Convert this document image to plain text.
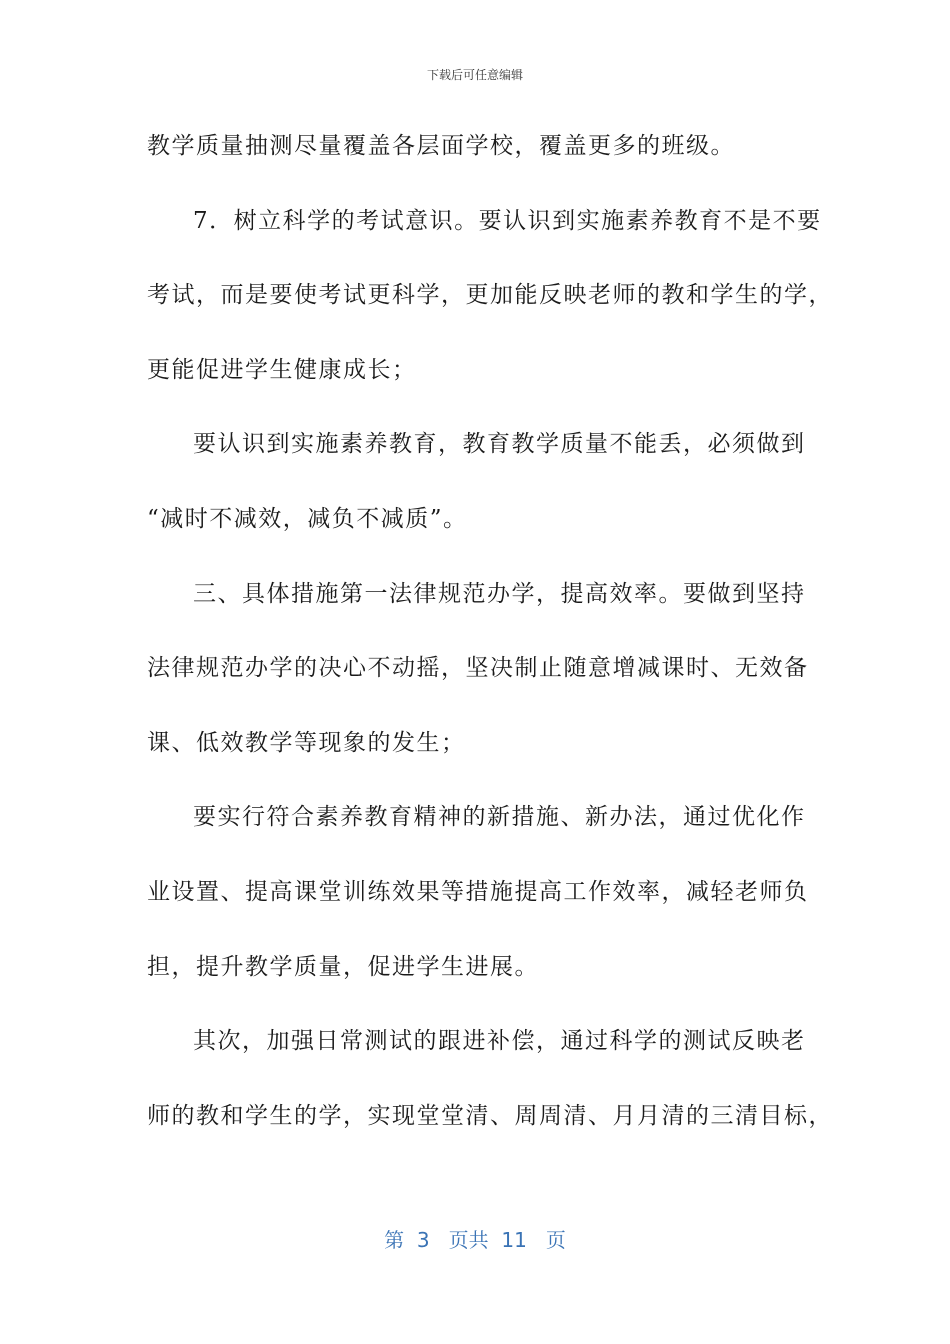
下载后可任意编辑
教学质量抽测尽量覆盖各层面学校，覆盖更多的班级。
7．树立科学的考试意识。要认识到实施素养教育不是不要
考试，而是要使考试更科学，更加能反映老师的教和学生的学，
更能促进学生健康成长；
要认识到实施素养教育，教育教学质量不能丢，必须做到
“减时不减效，减负不减质”。
三、具体措施第一法律规范办学，提高效率。要做到坚持
法律规范办学的决心不动摇，坚决制止随意增减课时、无效备
课、低效教学等现象的发生；
要实行符合素养教育精神的新措施、新办法，通过优化作
业设置、提高课堂训练效果等措施提高工作效率，减轻老师负
担，提升教学质量，促进学生进展。
其次，加强日常测试的跟进补偿，通过科学的测试反映老
师的教和学生的学，实现堂堂清、周周清、月月清的三清目标，
第  3   页共  11   页
